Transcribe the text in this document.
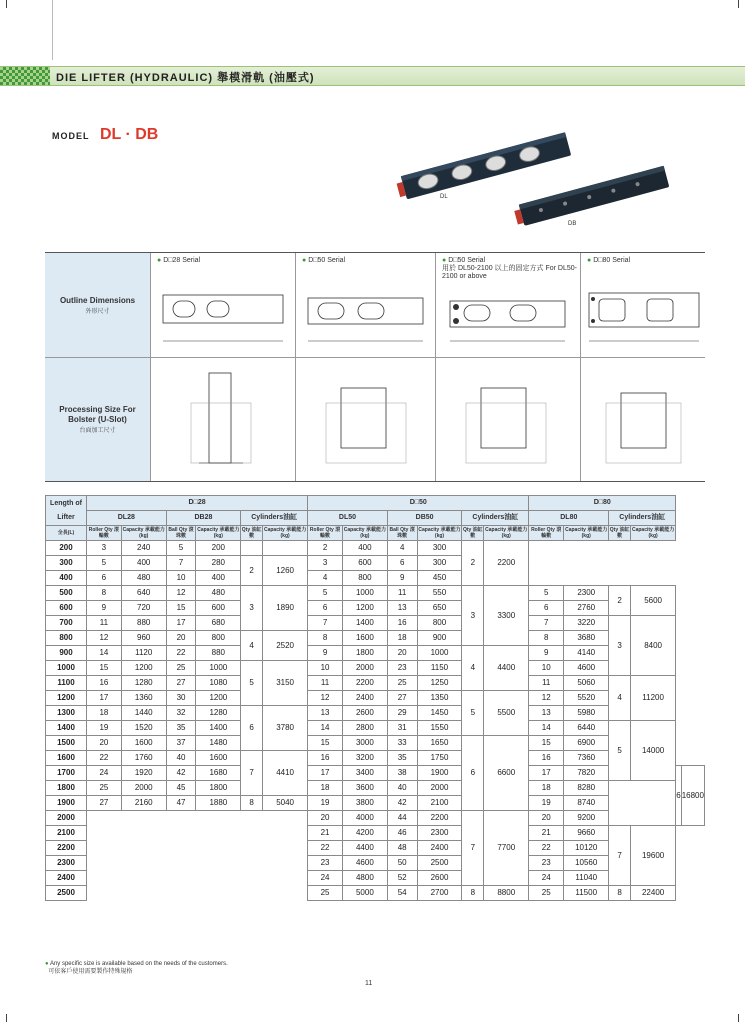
DIE LIFTER (HYDRAULIC) 舉模滑軌 (油壓式)
MODEL DL · DB
DL
DB
Outline Dimensions
外形尺寸
Processing Size For Bolster (U-Slot)
台面加工尺寸
● D□28 Serial	● D□50 Serial	● D□50 Serial
用於 DL50-2100 以上的固定方式 For DL50-2100 or above
● D□80 Serial
Length of Lifter	D□28						D□50						D□80					
	DL28		DB28		Cylinders油缸		DL50		DB50		Cylinders油缸		DL80		Cylinders油缸			
全長(L)	Roller Qty 滾輪數	Capacity 承載能力(kg)	Ball Qty 滾珠數	Capacity 承載能力(kg)	Qty 油缸數	Capacity 承載能力(kg)	Roller Qty 滾輪數	Capacity 承載能力(kg)	Ball Qty 滾珠數	Capacity 承載能力(kg)	Qty 油缸數	Capacity 承載能力(kg)	Roller Qty 滾輪數	Capacity 承載能力(kg)	Qty 油缸數	Capacity 承載能力(kg)		
200	3	240	5	200			2	400	4	300	2	2200						
300	5	400	7	280	2	1260	3	600	6	300								
400	6	480	10	400			4	800	9	450								
500	8	640	12	480	3	1890	5	1000	11	550	3	3300	5	2300	2	5600		
600	9	720	15	600			6	1200	13	650			6	2760				
700	11	880	17	680			7	1400	16	800			7	3220	3	8400		
800	12	960	20	800	4	2520	8	1600	18	900			8	3680				
900	14	1120	22	880			9	1800	20	1000	4	4400	9	4140				
1000	15	1200	25	1000	5	3150	10	2000	23	1150			10	4600				
1100	16	1280	27	1080			11	2200	25	1250			11	5060	4	11200		
1200	17	1360	30	1200			12	2400	27	1350	5	5500	12	5520				
1300	18	1440	32	1280	6	3780	13	2600	29	1450			13	5980				
1400	19	1520	35	1400			14	2800	31	1550			14	6440	5	14000		
1500	20	1600	37	1480			15	3000	33	1650	6	6600	15	6900				
1600	22	1760	40	1600	7	4410	16	3200	35	1750			16	7360				
1700	24	1920	42	1680			17	3400	38	1900			17	7820			6	16800
1800	25	2000	45	1800			18	3600	40	2000			18	8280				
1900	27	2160	47	1880	8	5040	19	3800	42	2100			19	8740				
2000							20	4000	44	2200	7	7700	20	9200				
2100							21	4200	46	2300			21	9660	7	19600		
2200							22	4400	48	2400			22	10120				
2300							23	4600	50	2500			23	10560				
2400							24	4800	52	2600			24	11040				
2500							25	5000	54	2700	8	8800	25	11500	8	22400		
● Any specific size is available based on the needs of the customers.
可依客戶使用需要製作特殊規格
11
